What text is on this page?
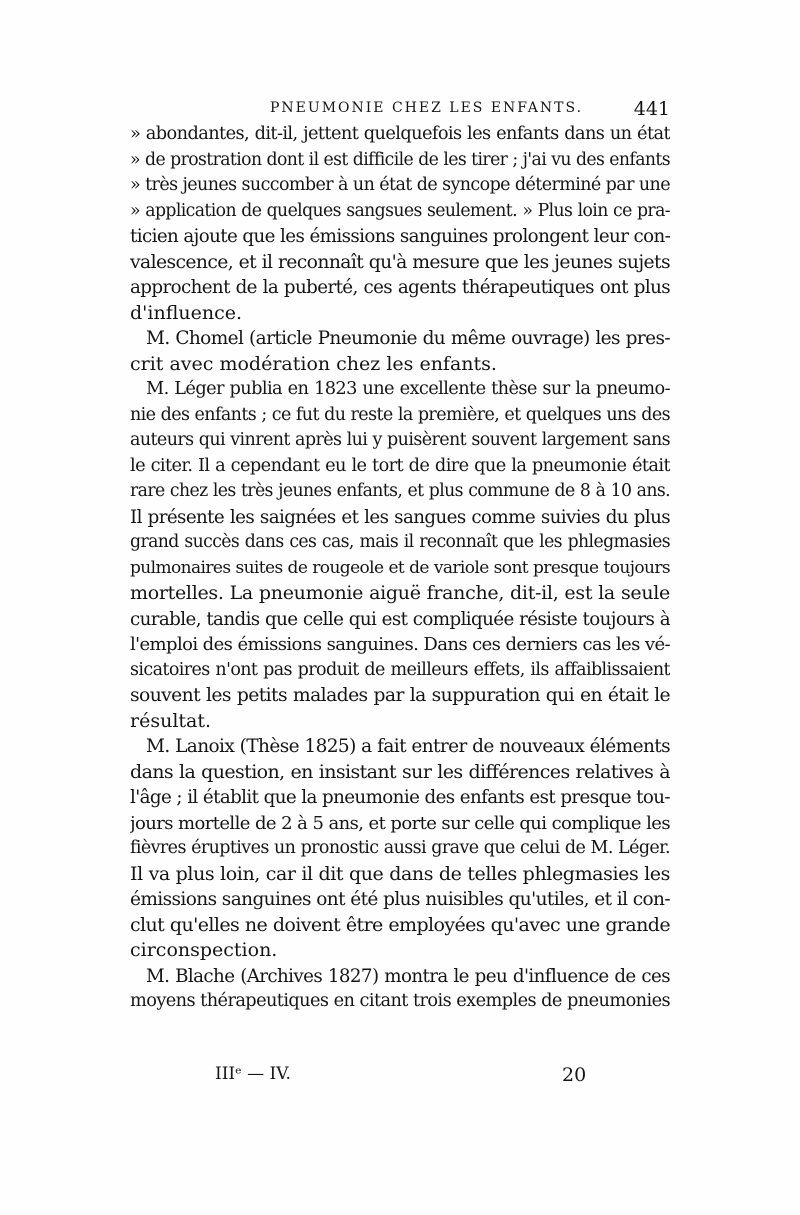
PNEUMONIE CHEZ LES ENFANTS.	441
» abondantes, dit-il, jettent quelquefois les enfants dans un état
» de prostration dont il est difficile de les tirer ; j'ai vu des enfants
» très jeunes succomber à un état de syncope déterminé par une
» application de quelques sangsues seulement. » Plus loin ce pra-
ticien ajoute que les émissions sanguines prolongent leur con-
valescence, et il reconnaît qu'à mesure que les jeunes sujets
approchent de la puberté, ces agents thérapeutiques ont plus
d'influence.
M. Chomel (article Pneumonie du même ouvrage) les pres-
crit avec modération chez les enfants.
M. Léger publia en 1823 une excellente thèse sur la pneumo-
nie des enfants ; ce fut du reste la première, et quelques uns des
auteurs qui vinrent après lui y puisèrent souvent largement sans
le citer. Il a cependant eu le tort de dire que la pneumonie était
rare chez les très jeunes enfants, et plus commune de 8 à 10 ans.
Il présente les saignées et les sangues comme suivies du plus
grand succès dans ces cas, mais il reconnaît que les phlegmasies
pulmonaires suites de rougeole et de variole sont presque toujours
mortelles. La pneumonie aiguë franche, dit-il, est la seule
curable, tandis que celle qui est compliquée résiste toujours à
l'emploi des émissions sanguines. Dans ces derniers cas les vé-
sicatoires n'ont pas produit de meilleurs effets, ils affaiblissaient
souvent les petits malades par la suppuration qui en était le
résultat.
M. Lanoix (Thèse 1825) a fait entrer de nouveaux éléments
dans la question, en insistant sur les différences relatives à
l'âge ; il établit que la pneumonie des enfants est presque tou-
jours mortelle de 2 à 5 ans, et porte sur celle qui complique les
fièvres éruptives un pronostic aussi grave que celui de M. Léger.
Il va plus loin, car il dit que dans de telles phlegmasies les
émissions sanguines ont été plus nuisibles qu'utiles, et il con-
clut qu'elles ne doivent être employées qu'avec une grande
circonspection.
M. Blache (Archives 1827) montra le peu d'influence de ces
moyens thérapeutiques en citant trois exemples de pneumonies
IIIᵉ — IV.	20
